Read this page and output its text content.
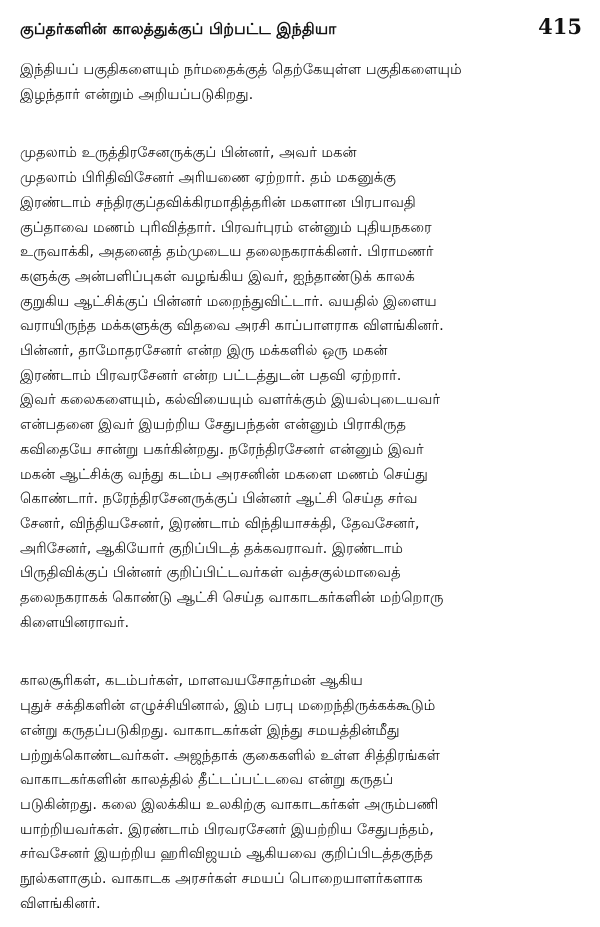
குப்தர்களின் காலத்துக்குப் பிற்பட்ட இந்தியா	415

இந்தியப் பகுதிகளையும் நர்மதைக்குத் தெற்கேயுள்ள பகுதிகளையும்
இழந்தார் என்றும் அறியப்படுகிறது.

முதலாம் உருத்திரசேனருக்குப் பின்னர், அவர் மகன்
முதலாம் பிரிதிவிசேனர் அரியணை ஏற்றார். தம் மகனுக்கு
இரண்டாம் சந்திரகுப்தவிக்கிரமாதித்தரின் மகளான பிரபாவதி
குப்தாவை மணம் புரிவித்தார். பிரவர்புரம் என்னும் புதியநகரை
உருவாக்கி, அதனைத் தம்முடைய தலைநகராக்கினர். பிராமணர்
களுக்கு அன்பளிப்புகள் வழங்கிய இவர், ஐந்தாண்டுக் காலக்
குறுகிய ஆட்சிக்குப் பின்னர் மறைந்துவிட்டார். வயதில் இளைய
வராயிருந்த மக்களுக்கு விதவை அரசி காப்பாளராக விளங்கினர்.
பின்னர், தாமோதரசேனர் என்ற இரு மக்களில் ஒரு மகன்
இரண்டாம் பிரவரசேனர் என்ற பட்டத்துடன் பதவி ஏற்றார்.
இவர் கலைகளையும், கல்வியையும் வளர்க்கும் இயல்புடையவர்
என்பதனை இவர் இயற்றிய சேதுபந்தன் என்னும் பிராகிருத
கவிதையே சான்று பகர்கின்றது. நரேந்திரசேனர் என்னும் இவர்
மகன் ஆட்சிக்கு வந்து கடம்ப அரசனின் மகளை மணம் செய்து
கொண்டார். நரேந்திரசேனருக்குப் பின்னர் ஆட்சி செய்த சர்வ
சேனர், விந்தியசேனர், இரண்டாம் விந்தியாசக்தி, தேவசேனர்,
அரிசேனர், ஆகியோர் குறிப்பிடத் தக்கவராவர். இரண்டாம்
பிருதிவிக்குப் பின்னர் குறிப்பிட்டவர்கள் வத்சகுல்மாவைத்
தலைநகராகக் கொண்டு ஆட்சி செய்த வாகாடகர்களின் மற்றொரு
கிளையினராவர்.

காலசூரிகள், கடம்பர்கள், மாளவயசோதர்மன் ஆகிய
புதுச் சக்திகளின் எழுச்சியினால், இம் பரபு மறைந்திருக்கக்கூடும்
என்று கருதப்படுகிறது. வாகாடகர்கள் இந்து சமயத்தின்மீது
பற்றுக்கொண்டவர்கள். அஜந்தாக் குகைகளில் உள்ள சித்திரங்கள்
வாகாடகர்களின் காலத்தில் தீட்டப்பட்டவை என்று கருதப்
படுகின்றது. கலை இலக்கிய உலகிற்கு வாகாடகர்கள் அரும்பணி
யாற்றியவர்கள். இரண்டாம் பிரவரசேனர் இயற்றிய சேதுபந்தம்,
சர்வசேனர் இயற்றிய ஹரிவிஜயம் ஆகியவை குறிப்பிடத்தகுந்த
நூல்களாகும். வாகாடக அரசர்கள் சமயப் பொறையாளர்களாக
விளங்கினர்.
